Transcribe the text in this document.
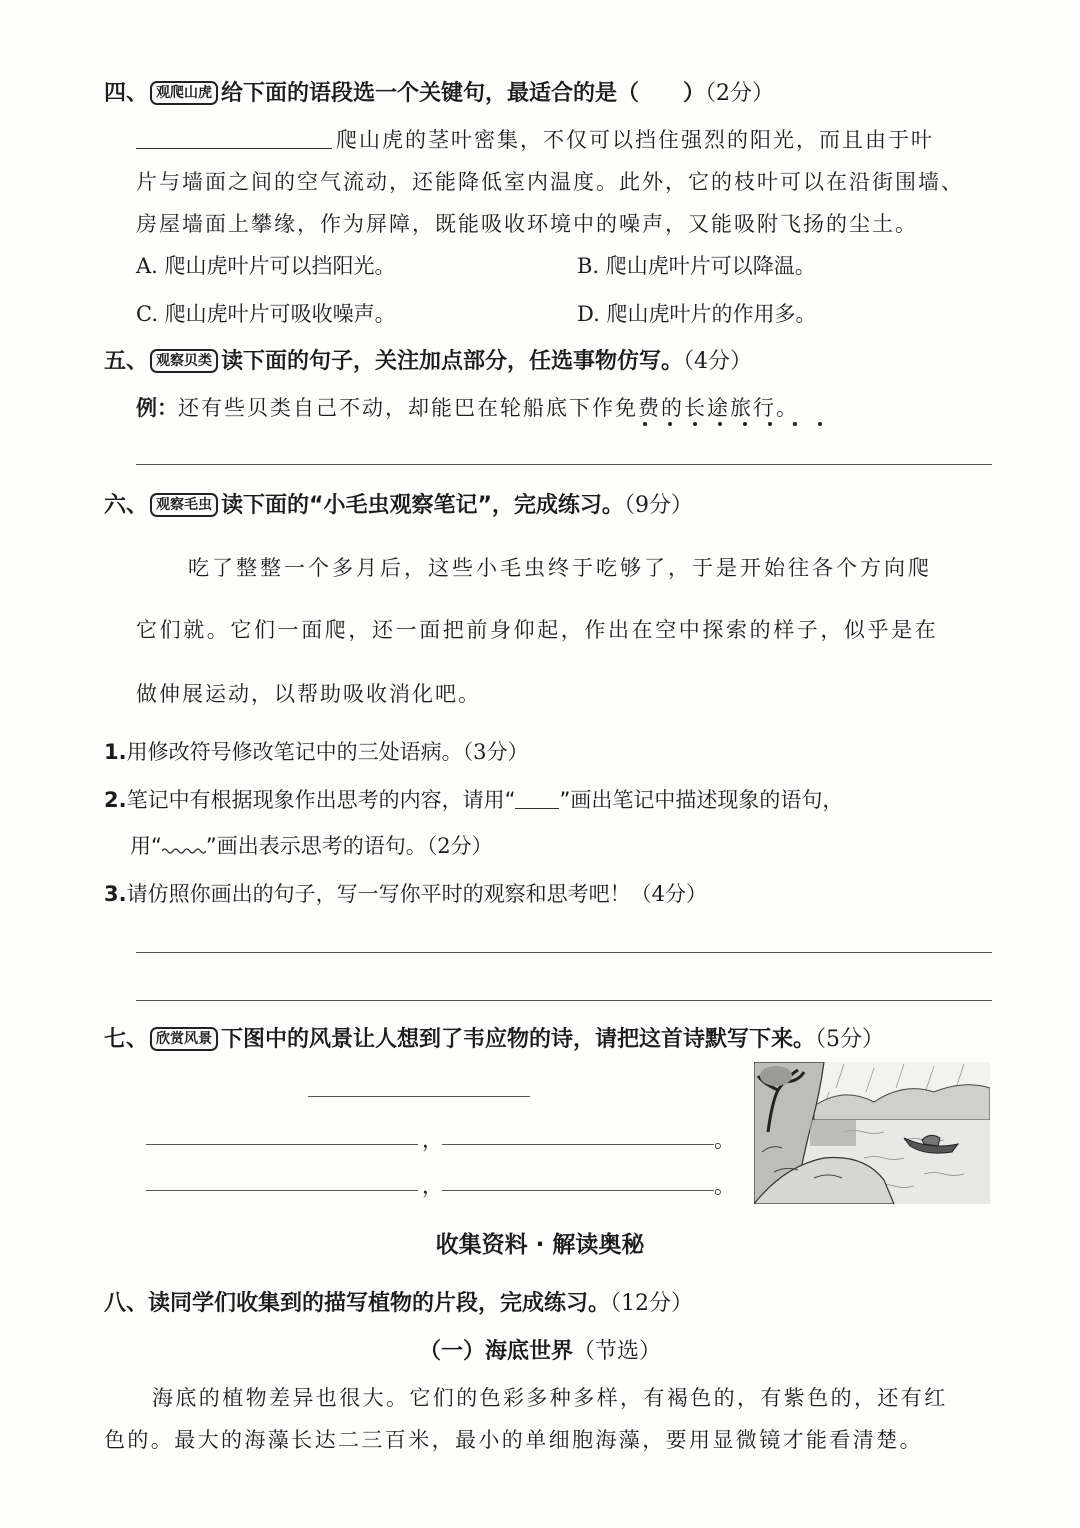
四、 观爬山虎 给下面的语段选一个关键句，最适合的是（　　）（2分）
爬山虎的茎叶密集，不仅可以挡住强烈的阳光，而且由于叶
片与墙面之间的空气流动，还能降低室内温度。此外，它的枝叶可以在沿街围墙、
房屋墙面上攀缘，作为屏障，既能吸收环境中的噪声，又能吸附飞扬的尘土。
A. 爬山虎叶片可以挡阳光。	B. 爬山虎叶片可以降温。
C. 爬山虎叶片可吸收噪声。	D. 爬山虎叶片的作用多。
五、 观察贝类 读下面的句子，关注加点部分，任选事物仿写。（4分）
例：还有些贝类自己不动，却能巴在轮船底下作免费的长途旅行。
六、 观察毛虫 读下面的“小毛虫观察笔记”，完成练习。（9分）
吃了整整一个多月后，这些小毛虫终于吃够了，于是开始往各个方向爬
它们就。它们一面爬，还一面把前身仰起，作出在空中探索的样子，似乎是在
做伸展运动，以帮助吸收消化吧。
1.用修改符号修改笔记中的三处语病。（3分）
2.笔记中有根据现象作出思考的内容，请用“ ”画出笔记中描述现象的语句，
用“ ”画出表示思考的语句。（2分）
3.请仿照你画出的句子，写一写你平时的观察和思考吧！（4分）
七、 欣赏风景 下图中的风景让人想到了韦应物的诗，请把这首诗默写下来。（5分）
，	。
，	。
收集资料 · 解读奥秘
八、读同学们收集到的描写植物的片段，完成练习。（12分）
（一）海底世界（节选）
海底的植物差异也很大。它们的色彩多种多样，有褐色的，有紫色的，还有红
色的。最大的海藻长达二三百米，最小的单细胞海藻，要用显微镜才能看清楚。
